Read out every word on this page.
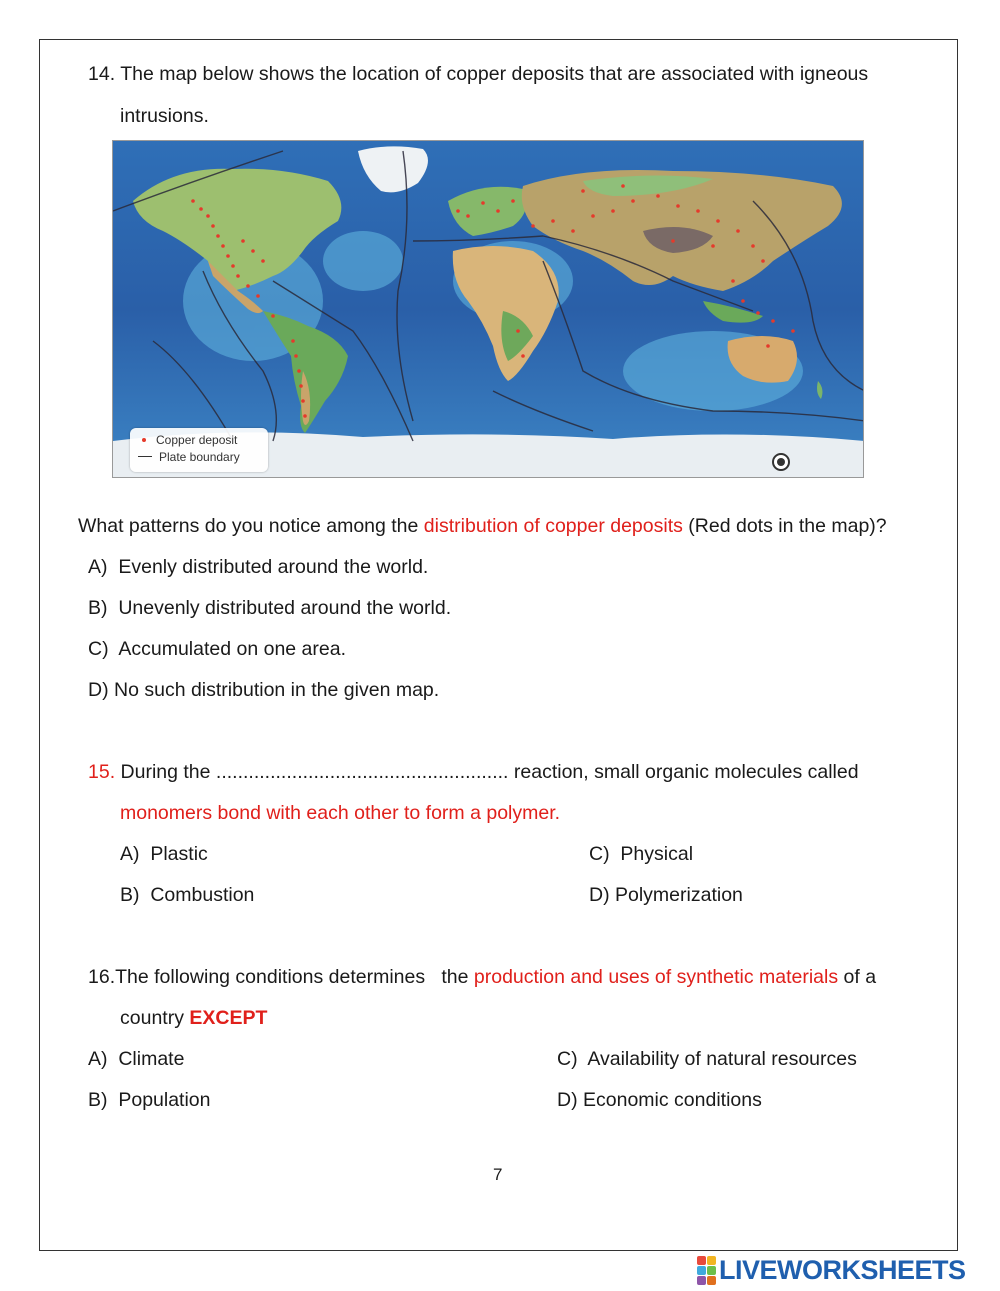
14. The map below shows the location of copper deposits that are associated with igneous
intrusions.
Copper deposit
Plate boundary
What patterns do you notice among the distribution of copper deposits (Red dots in the map)?
A) Evenly distributed around the world.
B) Unevenly distributed around the world.
C) Accumulated on one area.
D) No such distribution in the given map.
15. During the ...................................................... reaction, small organic molecules called
monomers bond with each other to form a polymer.
A) Plastic
B) Combustion
C) Physical
D) Polymerization
16.The following conditions determines   the production and uses of synthetic materials of a
country EXCEPT
A) Climate
B) Population
C) Availability of natural resources
D) Economic conditions
7
LIVEWORKSHEETS
